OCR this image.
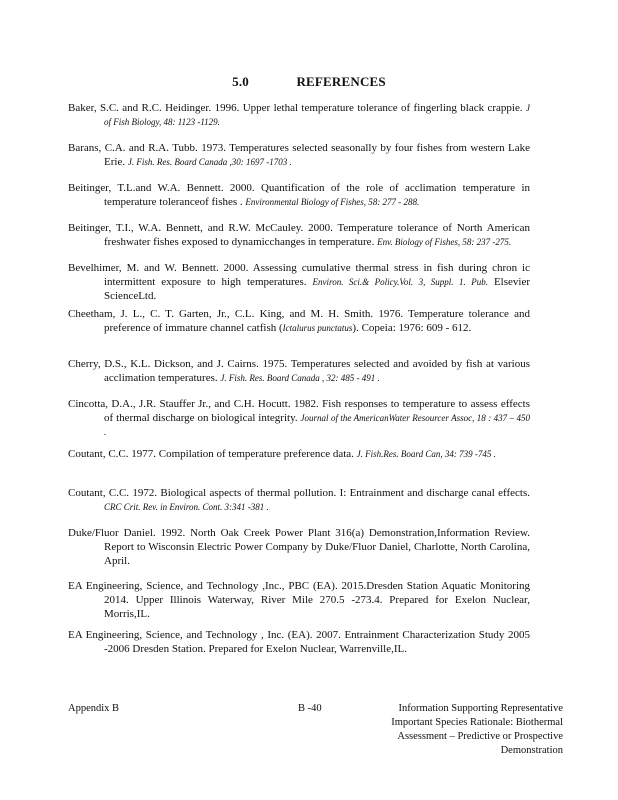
5.0	REFERENCES

Baker, S.C. and R.C. Heidinger. 1996. Upper lethal temperature tolerance of fingerling black crappie. J of Fish Biology, 48: 1123 -1129.

Barans, C.A. and R.A. Tubb. 1973. Temperatures selected seasonally by four fishes from western Lake Erie. J. Fish. Res. Board Canada ,30: 1697 -1703 .

Beitinger, T.L.and W.A. Bennett. 2000. Quantification of the role of acclimation temperature in temperature toleranceof fishes . Environmental Biology of Fishes, 58: 277 - 288.

Beitinger, T.I., W.A. Bennett, and R.W. McCauley. 2000. Temperature tolerance of North American freshwater fishes exposed to dynamicchanges in temperature. Env. Biology of Fishes, 58: 237 -275.

Bevelhimer, M. and W. Bennett. 2000. Assessing cumulative thermal stress in fish during chron ic intermittent exposure to high temperatures. Environ. Sci.& Policy.Vol. 3, Suppl. 1. Pub. Elsevier ScienceLtd.

Cheetham, J. L., C. T. Garten, Jr., C.L. King, and M. H. Smith. 1976. Temperature tolerance and preference of immature channel catfish (Ictalurus punctatus). Copeia: 1976: 609 - 612.

Cherry, D.S., K.L. Dickson, and J. Cairns. 1975. Temperatures selected and avoided by fish at various acclimation temperatures. J. Fish. Res. Board Canada , 32: 485 - 491 .

Cincotta, D.A., J.R. Stauffer Jr., and C.H. Hocutt. 1982. Fish responses to temperature to assess effects of thermal discharge on biological integrity. Journal of the AmericanWater Resourcer Assoc, 18 : 437 – 450 .

Coutant, C.C. 1977. Compilation of temperature preference data. J. Fish.Res. Board Can, 34: 739 -745 .

Coutant, C.C. 1972. Biological aspects of thermal pollution. I: Entrainment and discharge canal effects. CRC Crit. Rev. in Environ. Cont. 3:341 -381 .

Duke/Fluor Daniel. 1992. North Oak Creek Power Plant 316(a) Demonstration,Information Review. Report to Wisconsin Electric Power Company by Duke/Fluor Daniel, Charlotte, North Carolina, April.

EA Engineering, Science, and Technology ,Inc., PBC (EA). 2015.Dresden Station Aquatic Monitoring 2014. Upper Illinois Waterway, River Mile 270.5 -273.4. Prepared for Exelon Nuclear, Morris,IL.

EA Engineering, Science, and Technology , Inc. (EA). 2007. Entrainment Characterization Study 2005 -2006 Dresden Station. Prepared for Exelon Nuclear, Warrenville,IL.

Appendix B	B -40	Information Supporting Representative Important Species Rationale: Biothermal Assessment – Predictive or Prospective Demonstration
